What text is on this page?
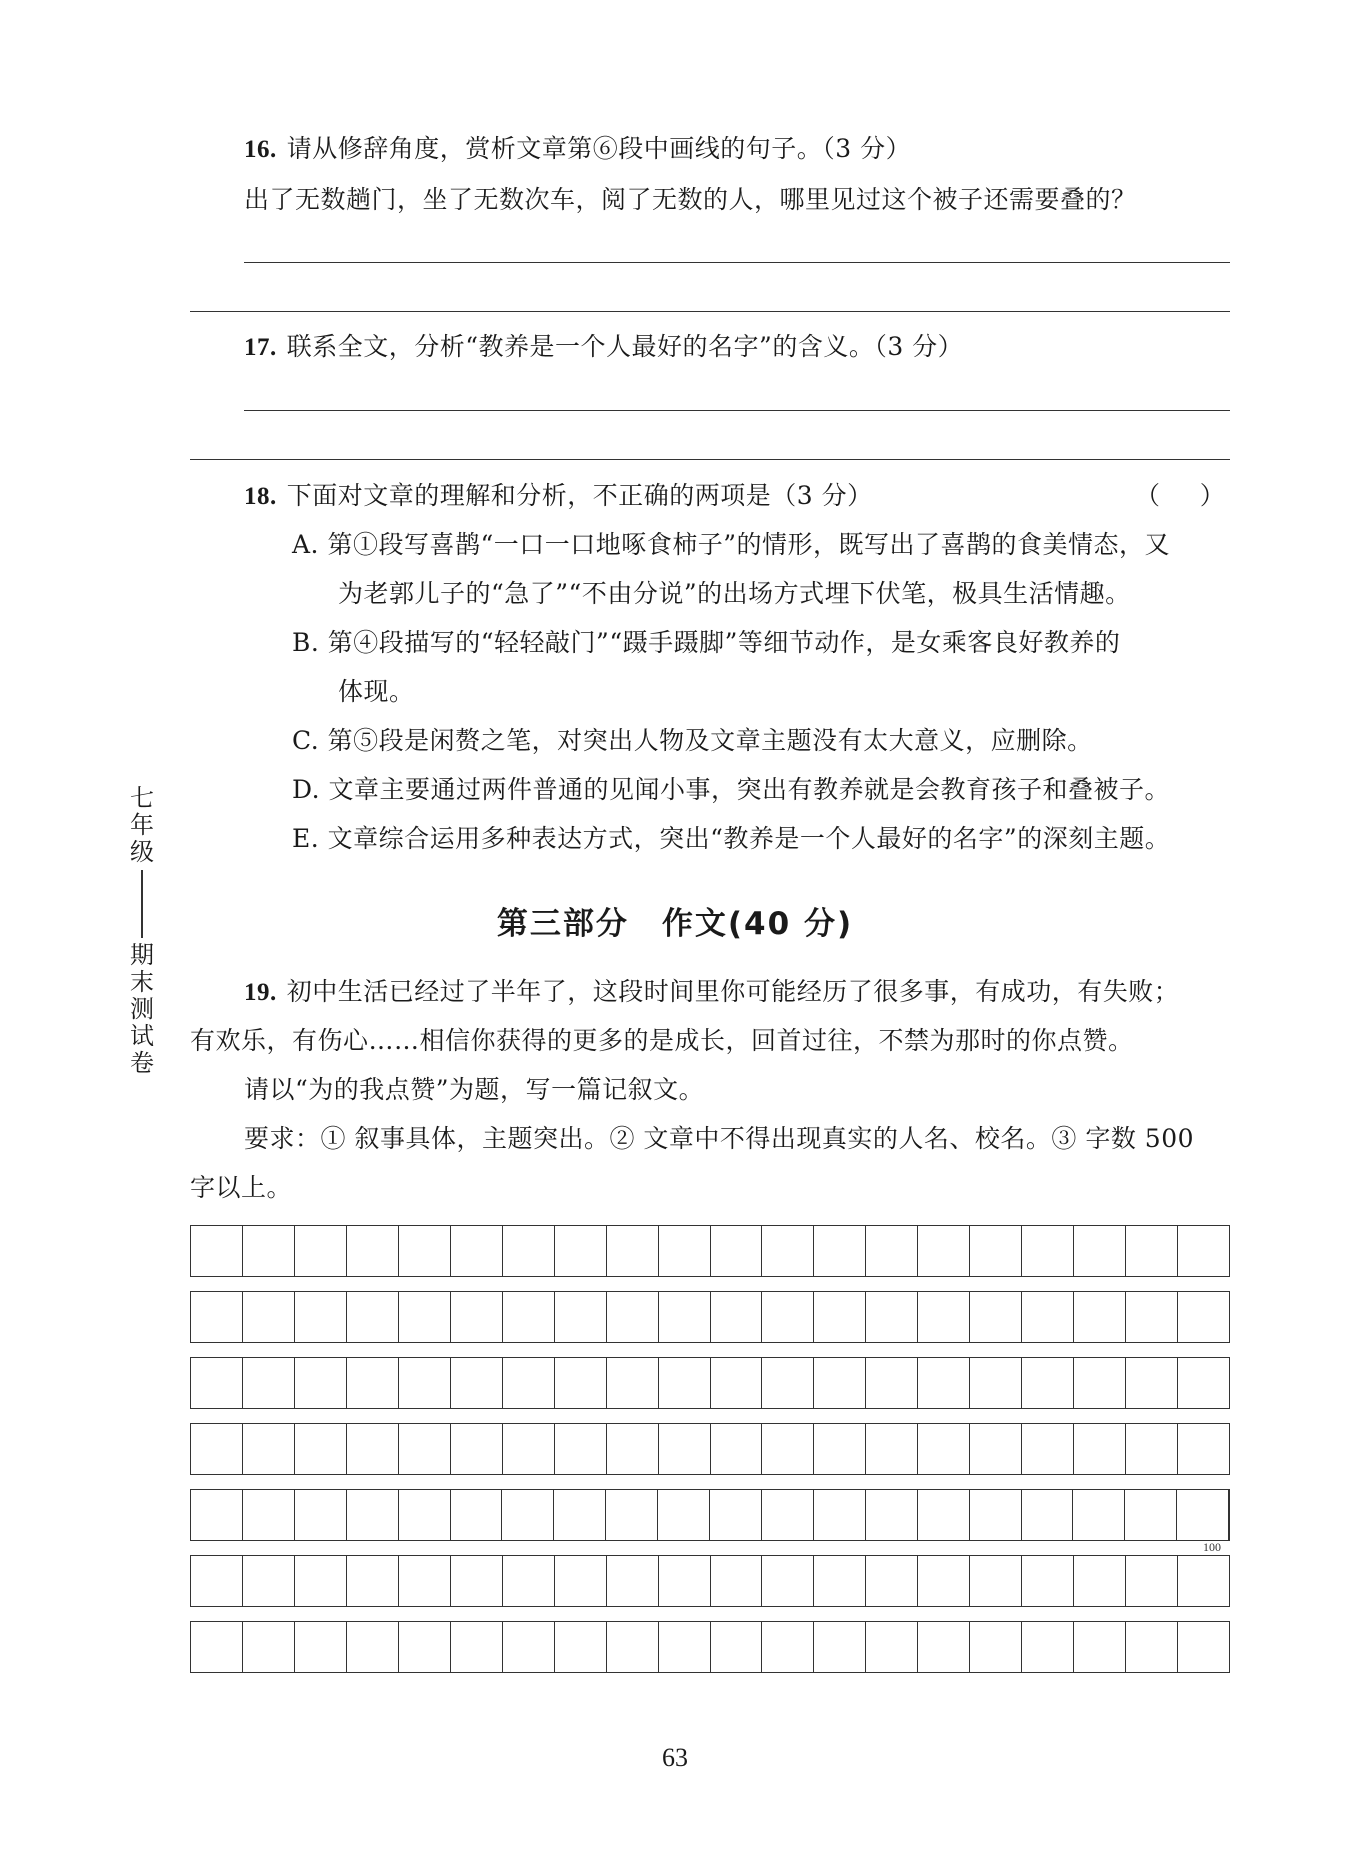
16. 请从修辞角度，赏析文章第⑥段中画线的句子。（3 分）
出了无数趟门，坐了无数次车，阅了无数的人，哪里见过这个被子还需要叠的？
17. 联系全文，分析“教养是一个人最好的名字”的含义。（3 分）
18. 下面对文章的理解和分析，不正确的两项是（3 分）	（     ）
A. 第①段写喜鹊“一口一口地啄食柿子”的情形，既写出了喜鹊的食美情态，又
为老郭儿子的“急了”“不由分说”的出场方式埋下伏笔，极具生活情趣。
B. 第④段描写的“轻轻敲门”“蹑手蹑脚”等细节动作，是女乘客良好教养的
体现。
C. 第⑤段是闲赘之笔，对突出人物及文章主题没有太大意义，应删除。
D. 文章主要通过两件普通的见闻小事，突出有教养就是会教育孩子和叠被子。
E. 文章综合运用多种表达方式，突出“教养是一个人最好的名字”的深刻主题。
七年级
期末测试卷
第三部分　作文(40 分)
19. 初中生活已经过了半年了，这段时间里你可能经历了很多事，有成功，有失败；
有欢乐，有伤心……相信你获得的更多的是成长，回首过往，不禁为那时的你点赞。
请以“为的我点赞”为题，写一篇记叙文。
要求：① 叙事具体，主题突出。② 文章中不得出现真实的人名、校名。③ 字数 500
字以上。
100
63
